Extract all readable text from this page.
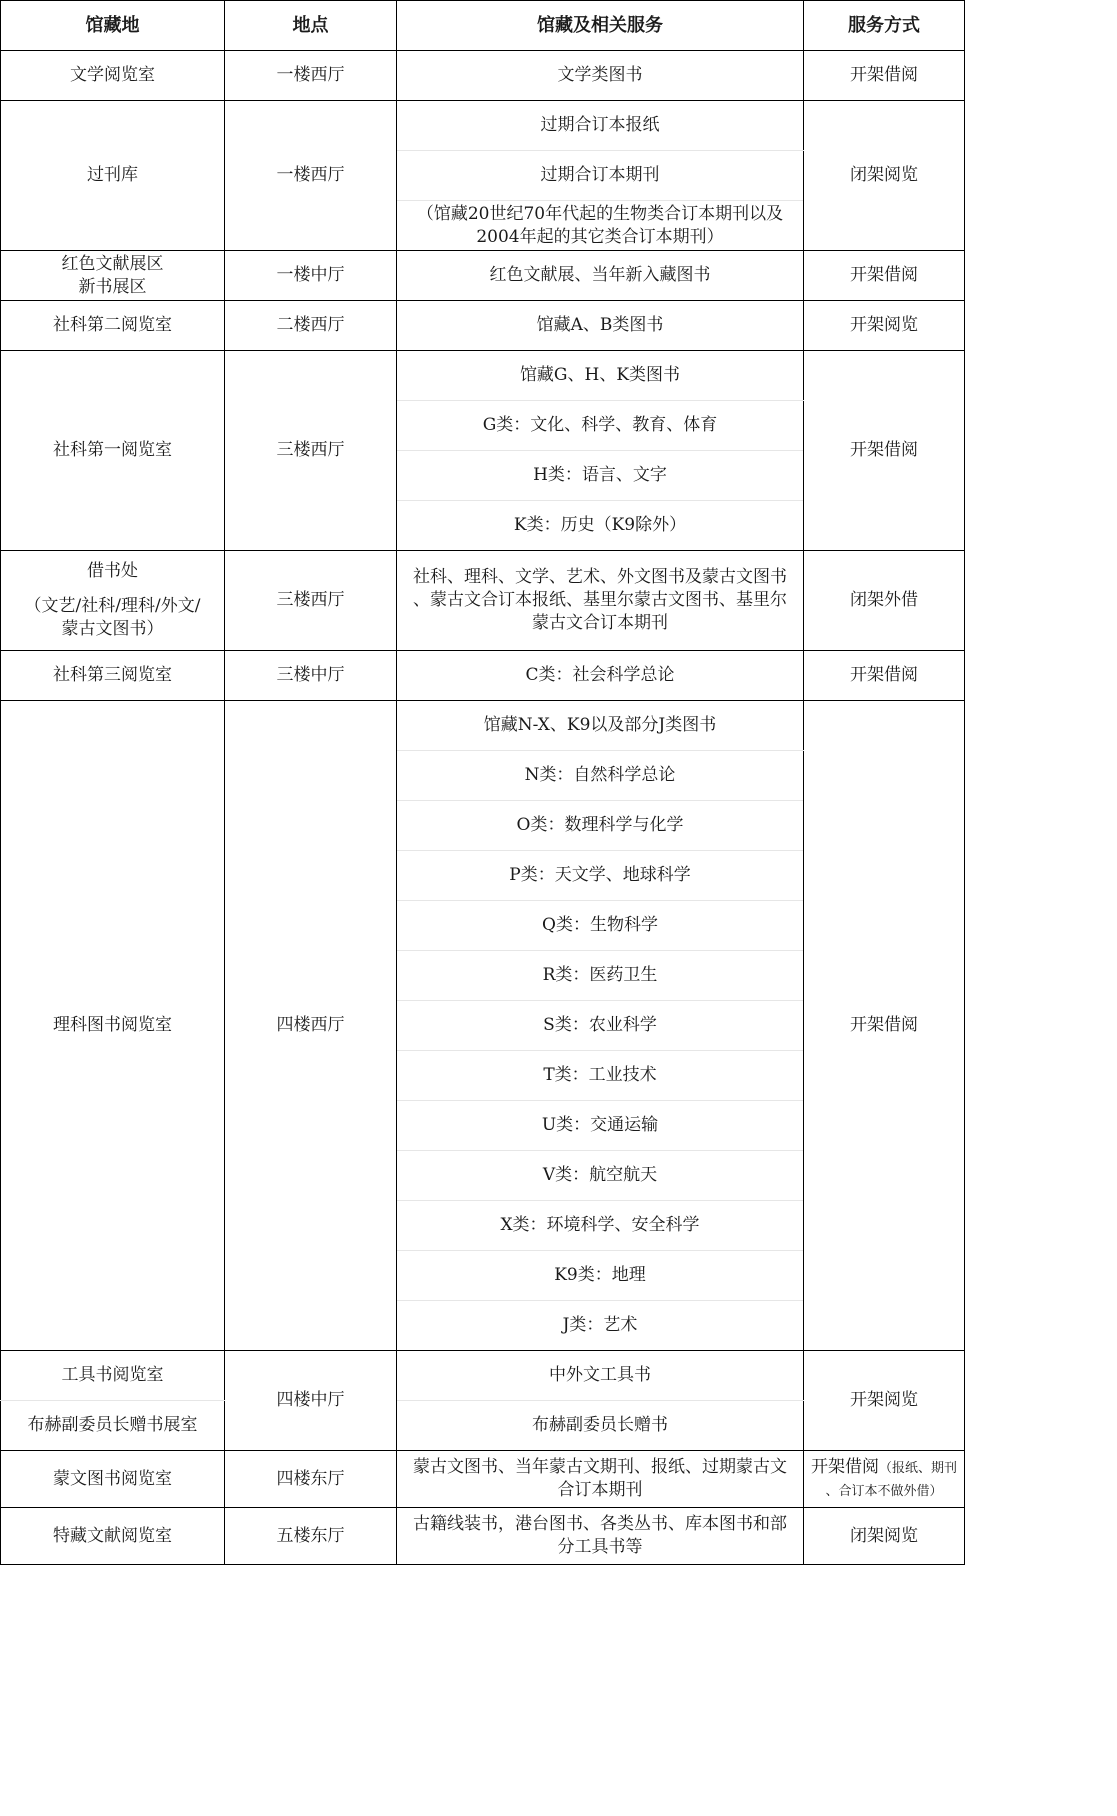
馆藏地	地点	馆藏及相关服务	服务方式
文学阅览室	一楼西厅	文学类图书	开架借阅
过刊库	一楼西厅	过期合订本报纸	闭架阅览
		过期合订本期刊	

		（馆藏20世纪70年代起的生物类合订本期刊以及
2004年起的其它类合订本期刊）	

红色文献展区
新书展区	一楼中厅	红色文献展、当年新入藏图书	开架借阅
社科第二阅览室	二楼西厅	馆藏A、B类图书	开架阅览
社科第一阅览室	三楼西厅	馆藏G、H、K类图书	开架借阅
		G类：文化、科学、教育、体育	
		H类：语言、文字	
		K类：历史（K9除外）	

借书处
（文艺/社科/理科/外文/
蒙古文图书）	三楼西厅	社科、理科、文学、艺术、外文图书及蒙古文图书
、蒙古文合订本报纸、基里尔蒙古文图书、基里尔
蒙古文合订本期刊	闭架外借
社科第三阅览室	三楼中厅	C类：社会科学总论	开架借阅
理科图书阅览室	四楼西厅	馆藏N-X、K9以及部分J类图书	开架借阅
		N类：自然科学总论	
		O类：数理科学与化学	
		P类：天文学、地球科学	
		Q类：生物科学	
		R类：医药卫生	
		S类：农业科学	
		T类：工业技术	
		U类：交通运输	
		V类：航空航天	
		X类：环境科学、安全科学	
		K9类：地理	
		J类：艺术	
工具书阅览室	四楼中厅	中外文工具书	开架阅览
布赫副委员长赠书展室		布赫副委员长赠书	
蒙文图书阅览室	四楼东厅	蒙古文图书、当年蒙古文期刊、报纸、过期蒙古文
合订本期刊	开架借阅（报纸、期刊
、合订本不做外借）

特藏文献阅览室	五楼东厅	古籍线装书，港台图书、各类丛书、库本图书和部
分工具书等	闭架阅览
